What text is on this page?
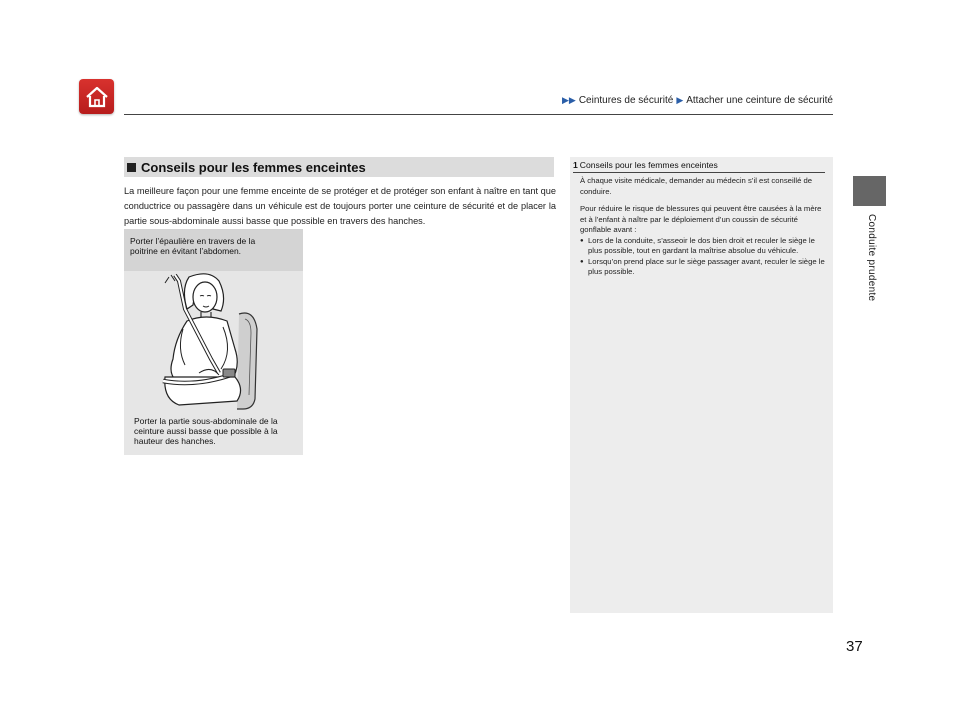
▶▶ Ceintures de sécurité ▶ Attacher une ceinture de sécurité
Conduite prudente
Conseils pour les femmes enceintes
La meilleure façon pour une femme enceinte de se protéger et de protéger son enfant à naître en tant que conductrice ou passagère dans un véhicule est de toujours porter une ceinture de sécurité et de placer la partie sous-abdominale aussi basse que possible en travers des hanches.
Porter l’épaulière en travers de la poitrine en évitant l’abdomen.
Porter la partie sous-abdominale de la ceinture aussi basse que possible à la hauteur des hanches.
1 Conseils pour les femmes enceintes

À chaque visite médicale, demander au médecin s’il est conseillé de conduire.

Pour réduire le risque de blessures qui peuvent être causées à la mère et à l’enfant à naître par le déploiement d’un coussin de sécurité gonflable avant :

● Lors de la conduite, s’asseoir le dos bien droit et reculer le siège le plus possible, tout en gardant la maîtrise absolue du véhicule.
● Lorsqu’on prend place sur le siège passager avant, reculer le siège le plus possible.
37
